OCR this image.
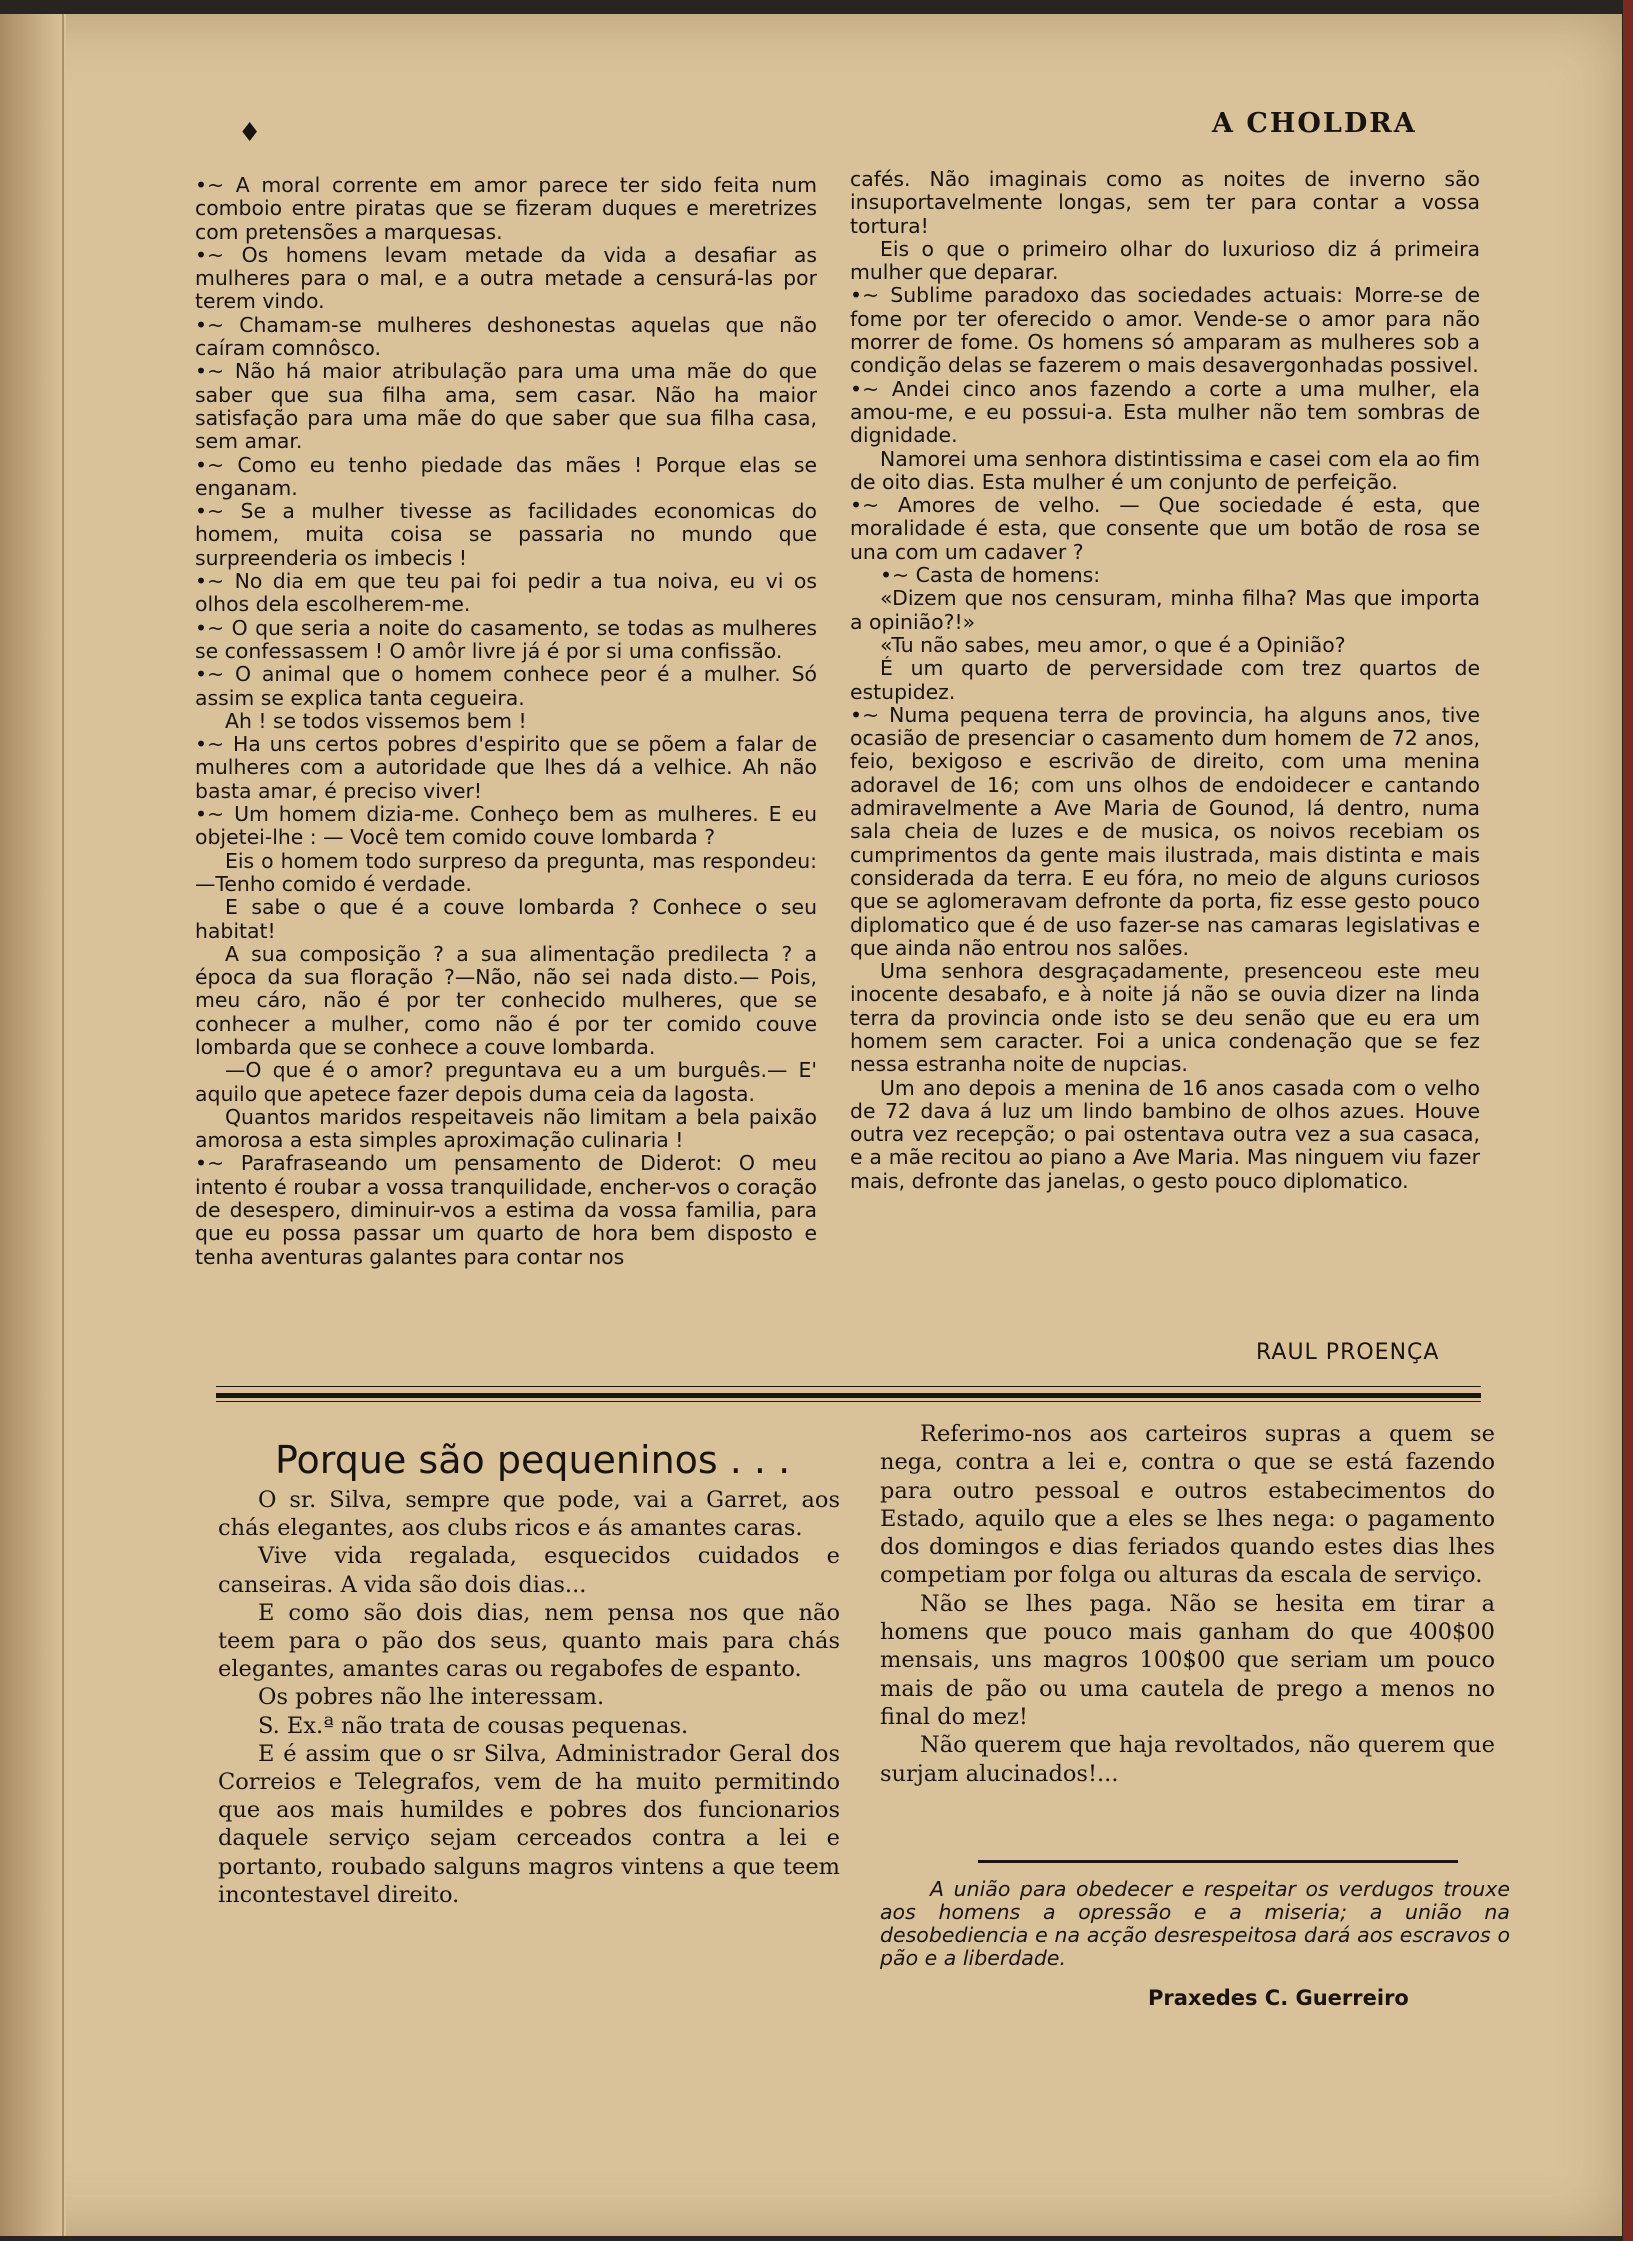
♦	A CHOLDRA

•~ A moral corrente em amor parece ter sido feita num comboio entre piratas que se fizeram duques e meretrizes com pretensões a marquesas.

•~ Os homens levam metade da vida a desafiar as mulheres para o mal, e a outra metade a censurá-las por terem vindo.

•~ Chamam-se mulheres deshonestas aquelas que não caíram comnôsco.

•~ Não há maior atribulação para uma uma mãe do que saber que sua filha ama, sem casar. Não ha maior satisfação para uma mãe do que saber que sua filha casa, sem amar.

•~ Como eu tenho piedade das mães ! Porque elas se enganam.

•~ Se a mulher tivesse as facilidades economicas do homem, muita coisa se passaria no mundo que surpreenderia os imbecis !

•~ No dia em que teu pai foi pedir a tua noiva, eu vi os olhos dela escolherem-me.

•~ O que seria a noite do casamento, se todas as mulheres se confessassem ! O amôr livre já é por si uma confissão.

•~ O animal que o homem conhece peor é a mulher. Só assim se explica tanta cegueira.

Ah ! se todos vissemos bem !

•~ Ha uns certos pobres d'espirito que se põem a falar de mulheres com a autoridade que lhes dá a velhice. Ah não basta amar, é preciso viver!

•~ Um homem dizia-me. Conheço bem as mulheres. E eu objetei-lhe : — Você tem comido couve lombarda ?

Eis o homem todo surpreso da pregunta, mas respondeu:—Tenho comido é verdade.

E sabe o que é a couve lombarda ? Conhece o seu habitat!

A sua composição ? a sua alimentação predilecta ? a época da sua floração ?—Não, não sei nada disto.— Pois, meu cáro, não é por ter conhecido mulheres, que se conhecer a mulher, como não é por ter comido couve lombarda que se conhece a couve lombarda.

—O que é o amor? preguntava eu a um burguês.— E' aquilo que apetece fazer depois duma ceia da lagosta.

Quantos maridos respeitaveis não limitam a bela paixão amorosa a esta simples aproximação culinaria !

•~ Parafraseando um pensamento de Diderot: O meu intento é roubar a vossa tranquilidade, encher-vos o coração de desespero, diminuir-vos a estima da vossa familia, para que eu possa passar um quarto de hora bem disposto e tenha aventuras galantes para contar nos

cafés. Não imaginais como as noites de inverno são insuportavelmente longas, sem ter para contar a vossa tortura!

Eis o que o primeiro olhar do luxurioso diz á primeira mulher que deparar.

•~ Sublime paradoxo das sociedades actuais: Morre-se de fome por ter oferecido o amor. Vende-se o amor para não morrer de fome. Os homens só amparam as mulheres sob a condição delas se fazerem o mais desavergonhadas possivel.

•~ Andei cinco anos fazendo a corte a uma mulher, ela amou-me, e eu possui-a. Esta mulher não tem sombras de dignidade.

Namorei uma senhora distintissima e casei com ela ao fim de oito dias. Esta mulher é um conjunto de perfeição.

•~ Amores de velho. — Que sociedade é esta, que moralidade é esta, que consente que um botão de rosa se una com um cadaver ?

•~ Casta de homens:

«Dizem que nos censuram, minha filha? Mas que importa a opinião?!»

«Tu não sabes, meu amor, o que é a Opinião?

É um quarto de perversidade com trez quartos de estupidez.

•~ Numa pequena terra de provincia, ha alguns anos, tive ocasião de presenciar o casamento dum homem de 72 anos, feio, bexigoso e escrivão de direito, com uma menina adoravel de 16; com uns olhos de endoidecer e cantando admiravelmente a Ave Maria de Gounod, lá dentro, numa sala cheia de luzes e de musica, os noivos recebiam os cumprimentos da gente mais ilustrada, mais distinta e mais considerada da terra. E eu fóra, no meio de alguns curiosos que se aglomeravam defronte da porta, fiz esse gesto pouco diplomatico que é de uso fazer-se nas camaras legislativas e que ainda não entrou nos salões.

Uma senhora desgraçadamente, presenceou este meu inocente desabafo, e à noite já não se ouvia dizer na linda terra da provincia onde isto se deu senão que eu era um homem sem caracter. Foi a unica condenação que se fez nessa estranha noite de nupcias.

Um ano depois a menina de 16 anos casada com o velho de 72 dava á luz um lindo bambino de olhos azues. Houve outra vez recepção; o pai ostentava outra vez a sua casaca, e a mãe recitou ao piano a Ave Maria. Mas ninguem viu fazer mais, defronte das janelas, o gesto pouco diplomatico.

RAUL PROENÇA
Porque são pequeninos . . .

O sr. Silva, sempre que pode, vai a Garret, aos chás elegantes, aos clubs ricos e ás amantes caras.

Vive vida regalada, esquecidos cuidados e canseiras. A vida são dois dias...

E como são dois dias, nem pensa nos que não teem para o pão dos seus, quanto mais para chás elegantes, amantes caras ou regabofes de espanto.

Os pobres não lhe interessam.

S. Ex.ª não trata de cousas pequenas.

E é assim que o sr Silva, Administrador Geral dos Correios e Telegrafos, vem de ha muito permitindo que aos mais humildes e pobres dos funcionarios daquele serviço sejam cerceados contra a lei e portanto, roubado salguns magros vintens a que teem incontestavel direito.

Referimo-nos aos carteiros supras a quem se nega, contra a lei e, contra o que se está fazendo para outro pessoal e outros estabecimentos do Estado, aquilo que a eles se lhes nega: o pagamento dos domingos e dias feriados quando estes dias lhes competiam por folga ou alturas da escala de serviço.

Não se lhes paga. Não se hesita em tirar a homens que pouco mais ganham do que 400$00 mensais, uns magros 100$00 que seriam um pouco mais de pão ou uma cautela de prego a menos no final do mez!

Não querem que haja revoltados, não querem que surjam alucinados!...

A união para obedecer e respeitar os verdugos trouxe aos homens a opressão e a miseria; a união na desobediencia e na acção desrespeitosa dará aos escravos o pão e a liberdade.

Praxedes C. Guerreiro
